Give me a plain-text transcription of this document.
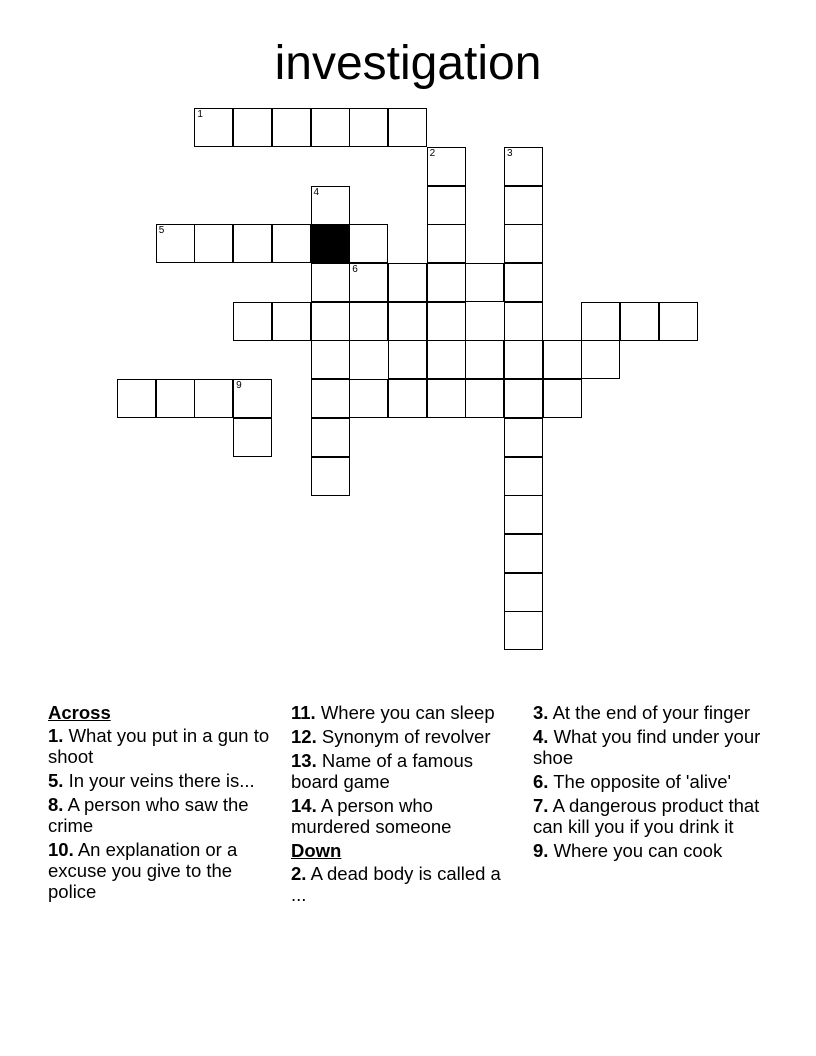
investigation
1
2	3
4
5
6
9
Across
1. What you put in a gun to shoot
5. In your veins there is...
8. A person who saw the crime
10. An explanation or a excuse you give to the police
11. Where you can sleep
12. Synonym of revolver
13. Name of a famous board game
14. A person who murdered someone
Down
2. A dead body is called a ...
3. At the end of your finger
4. What you find under your shoe
6. The opposite of 'alive'
7. A dangerous product that can kill you if you drink it
9. Where you can cook
